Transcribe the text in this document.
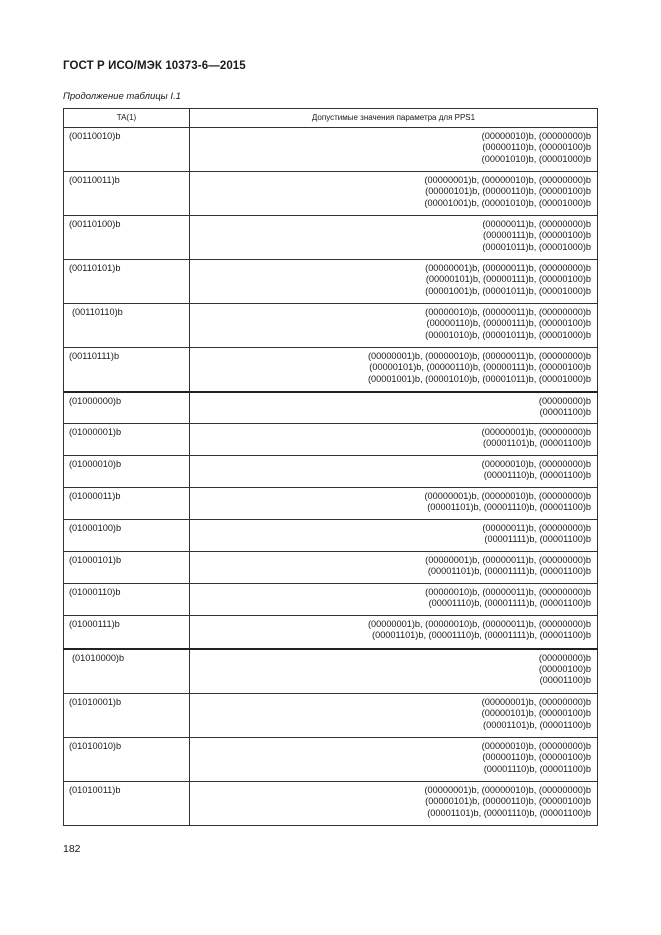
ГОСТ Р ИСО/МЭК 10373-6—2015
Продолжение таблицы I.1
TA(1)	Допустимые значения параметра для PPS1
(00110010)b	(00000010)b, (00000000)b
(00000110)b, (00000100)b
(00001010)b, (00001000)b

(00110011)b	(00000001)b, (00000010)b, (00000000)b
(00000101)b, (00000110)b, (00000100)b
(00001001)b, (00001010)b, (00001000)b

(00110100)b	(00000011)b, (00000000)b
(00000111)b, (00000100)b
(00001011)b, (00001000)b

(00110101)b	(00000001)b, (00000011)b, (00000000)b
(00000101)b, (00000111)b, (00000100)b
(00001001)b, (00001011)b, (00001000)b

(00110110)b	(00000010)b, (00000011)b, (00000000)b
(00000110)b, (00000111)b, (00000100)b
(00001010)b, (00001011)b, (00001000)b

(00110111)b	(00000001)b, (00000010)b, (00000011)b, (00000000)b
(00000101)b, (00000110)b, (00000111)b, (00000100)b
(00001001)b, (00001010)b, (00001011)b, (00001000)b

(01000000)b	(00000000)b
(00001100)b

(01000001)b	(00000001)b, (00000000)b
(00001101)b, (00001100)b

(01000010)b	(00000010)b, (00000000)b
(00001110)b, (00001100)b

(01000011)b	(00000001)b, (00000010)b, (00000000)b
(00001101)b, (00001110)b, (00001100)b

(01000100)b	(00000011)b, (00000000)b
(00001111)b, (00001100)b

(01000101)b	(00000001)b, (00000011)b, (00000000)b
(00001101)b, (00001111)b, (00001100)b

(01000110)b	(00000010)b, (00000011)b, (00000000)b
(00001110)b, (00001111)b, (00001100)b

(01000111)b	(00000001)b, (00000010)b, (00000011)b, (00000000)b
(00001101)b, (00001110)b, (00001111)b, (00001100)b

(01010000)b	(00000000)b
(00000100)b
(00001100)b

(01010001)b	(00000001)b, (00000000)b
(00000101)b, (00000100)b
(00001101)b, (00001100)b

(01010010)b	(00000010)b, (00000000)b
(00000110)b, (00000100)b
(00001110)b, (00001100)b

(01010011)b	(00000001)b, (00000010)b, (00000000)b
(00000101)b, (00000110)b, (00000100)b
(00001101)b, (00001110)b, (00001100)b
182
